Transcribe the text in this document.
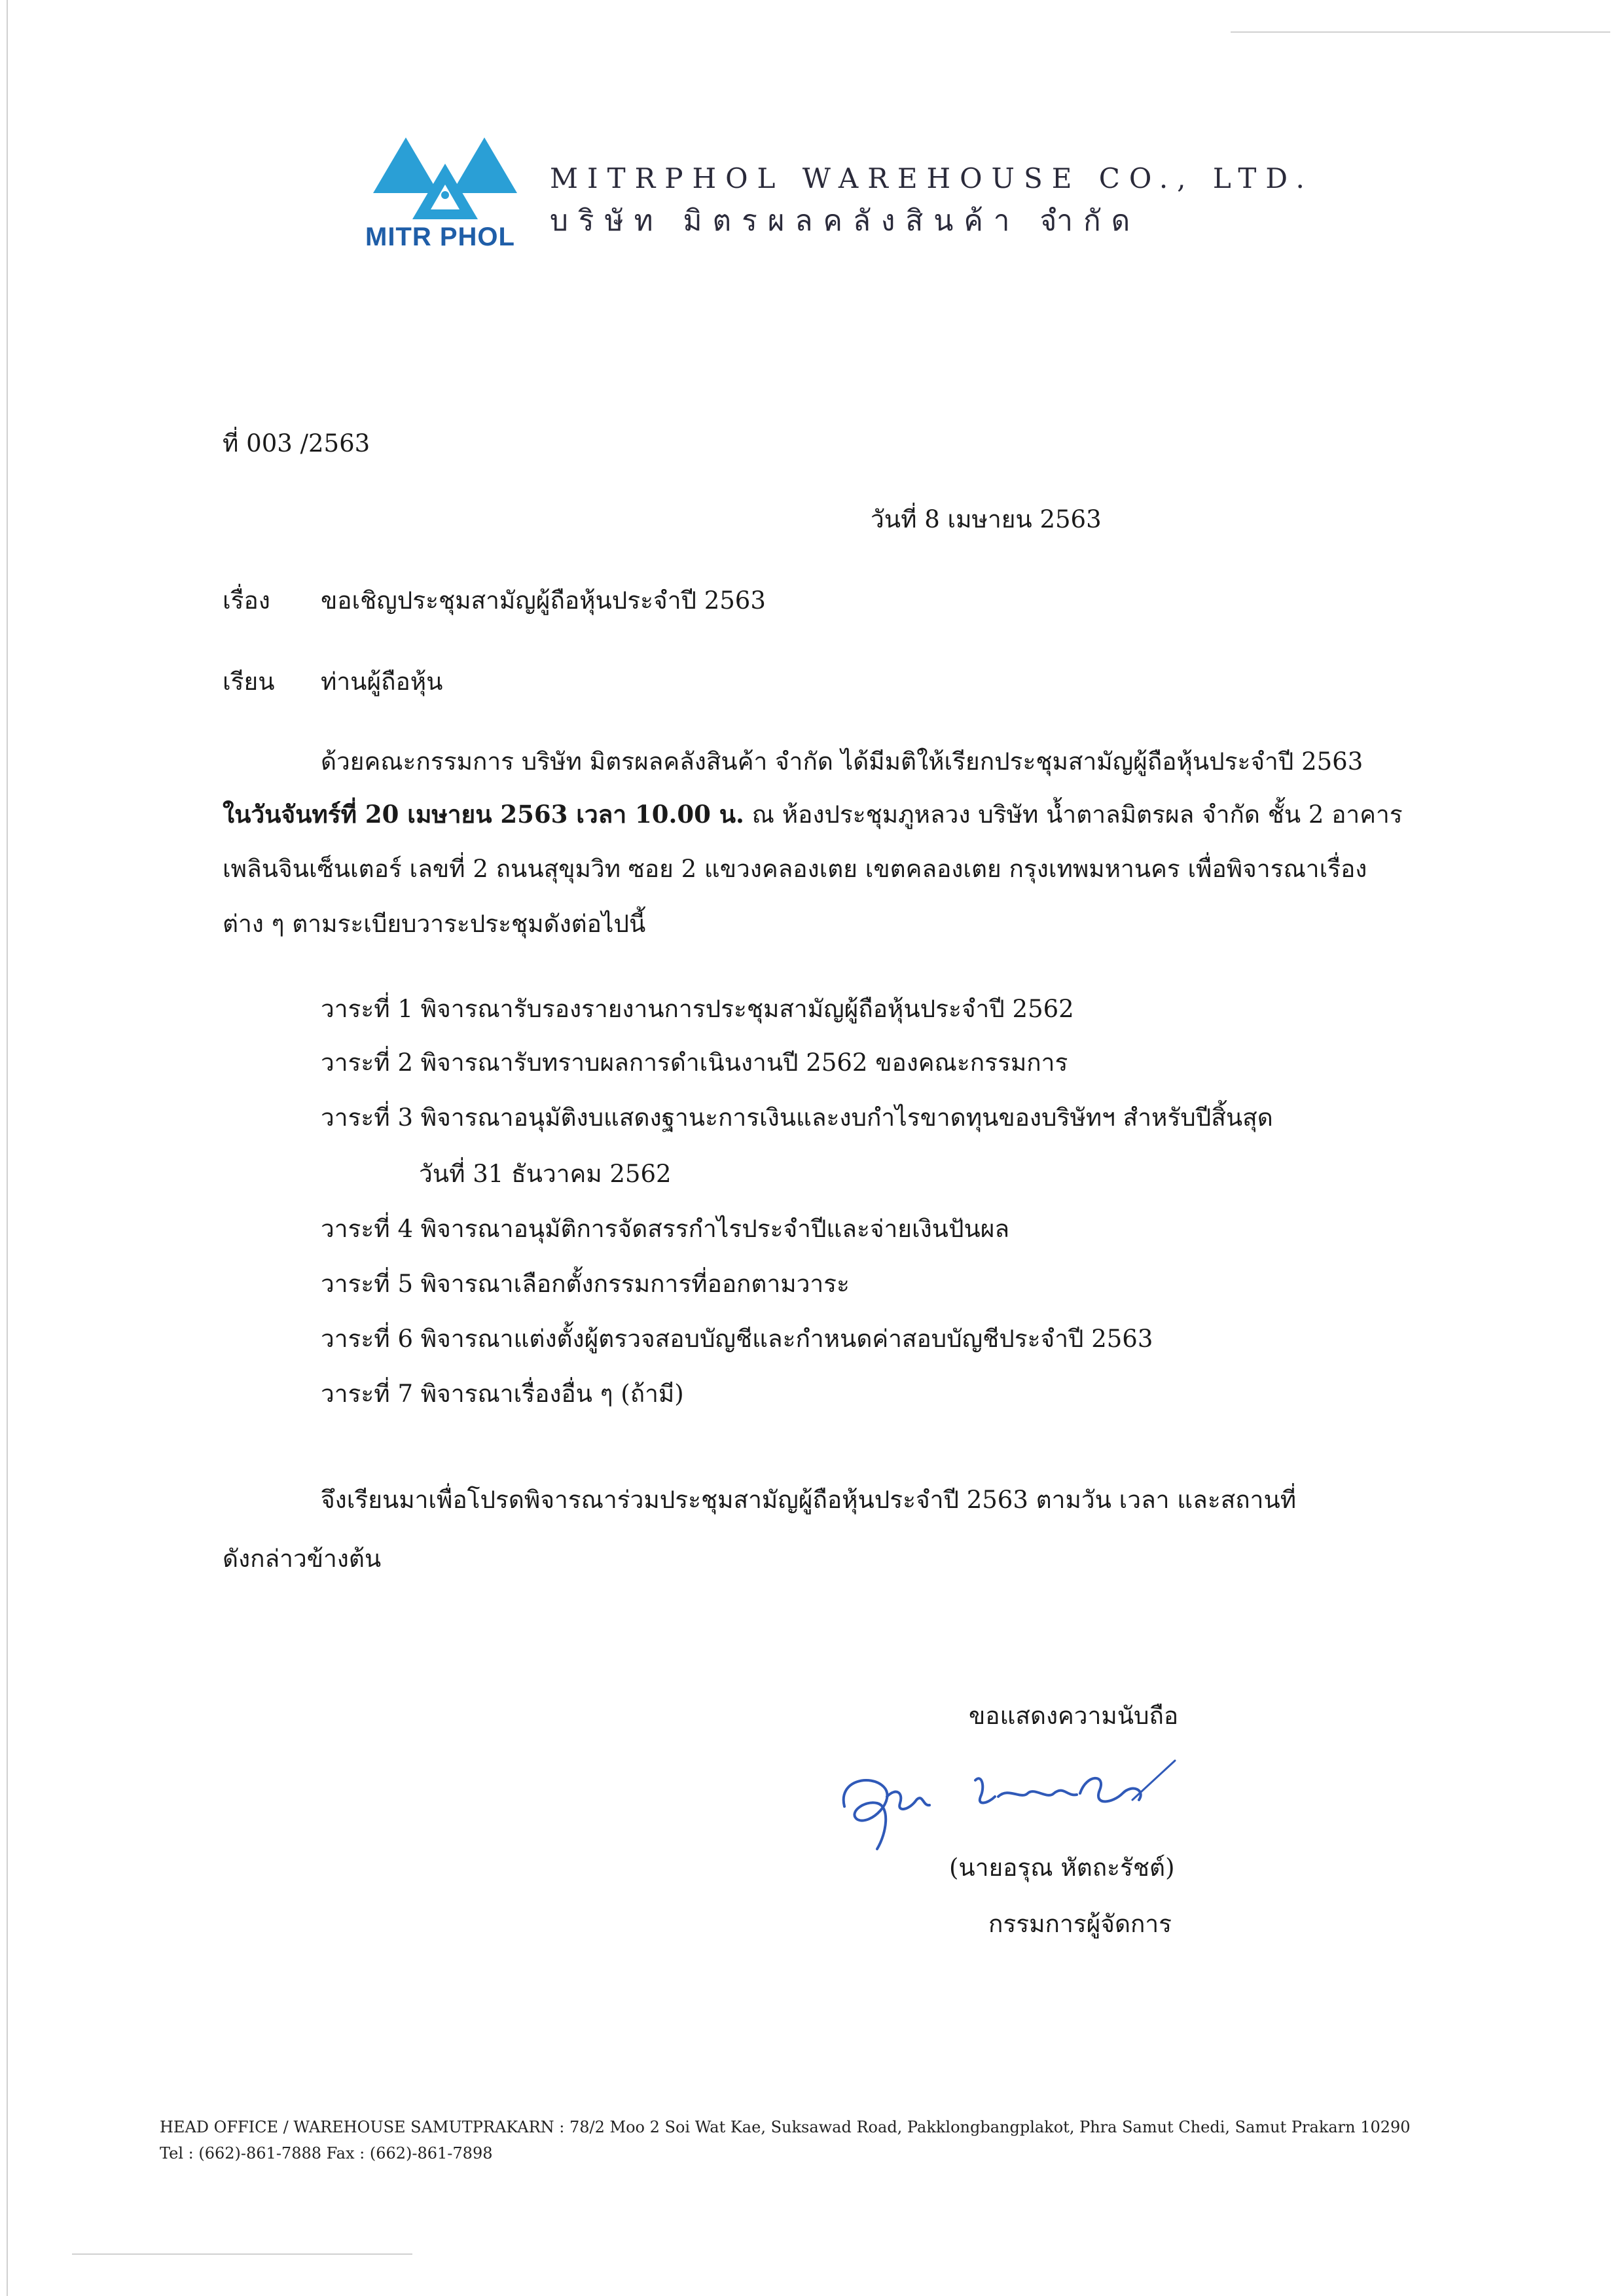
MITR PHOL
MITRPHOL WAREHOUSE CO., LTD.
บริษัท มิตรผลคลังสินค้า จำกัด
ที่ 003 /2563
วันที่ 8 เมษายน 2563
เรื่อง ขอเชิญประชุมสามัญผู้ถือหุ้นประจำปี 2563
เรียน ท่านผู้ถือหุ้น
ด้วยคณะกรรมการ บริษัท มิตรผลคลังสินค้า จำกัด ได้มีมติให้เรียกประชุมสามัญผู้ถือหุ้นประจำปี 2563
ในวันจันทร์ที่ 20 เมษายน 2563 เวลา 10.00 น. ณ ห้องประชุมภูหลวง บริษัท น้ำตาลมิตรผล จำกัด ชั้น 2 อาคาร
เพลินจินเซ็นเตอร์ เลขที่ 2 ถนนสุขุมวิท ซอย 2 แขวงคลองเตย เขตคลองเตย กรุงเทพมหานคร เพื่อพิจารณาเรื่อง
ต่าง ๆ ตามระเบียบวาระประชุมดังต่อไปนี้
วาระที่ 1 พิจารณารับรองรายงานการประชุมสามัญผู้ถือหุ้นประจำปี 2562
วาระที่ 2 พิจารณารับทราบผลการดำเนินงานปี 2562 ของคณะกรรมการ
วาระที่ 3 พิจารณาอนุมัติงบแสดงฐานะการเงินและงบกำไรขาดทุนของบริษัทฯ สำหรับปีสิ้นสุด
วันที่ 31 ธันวาคม 2562
วาระที่ 4 พิจารณาอนุมัติการจัดสรรกำไรประจำปีและจ่ายเงินปันผล
วาระที่ 5 พิจารณาเลือกตั้งกรรมการที่ออกตามวาระ
วาระที่ 6 พิจารณาแต่งตั้งผู้ตรวจสอบบัญชีและกำหนดค่าสอบบัญชีประจำปี 2563
วาระที่ 7 พิจารณาเรื่องอื่น ๆ (ถ้ามี)
จึงเรียนมาเพื่อโปรดพิจารณาร่วมประชุมสามัญผู้ถือหุ้นประจำปี 2563 ตามวัน เวลา และสถานที่
ดังกล่าวข้างต้น
ขอแสดงความนับถือ
(นายอรุณ หัตถะรัชต์)
กรรมการผู้จัดการ
HEAD OFFICE / WAREHOUSE SAMUTPRAKARN : 78/2 Moo 2 Soi Wat Kae, Suksawad Road, Pakklongbangplakot, Phra Samut Chedi, Samut Prakarn 10290
Tel : (662)-861-7888 Fax : (662)-861-7898
